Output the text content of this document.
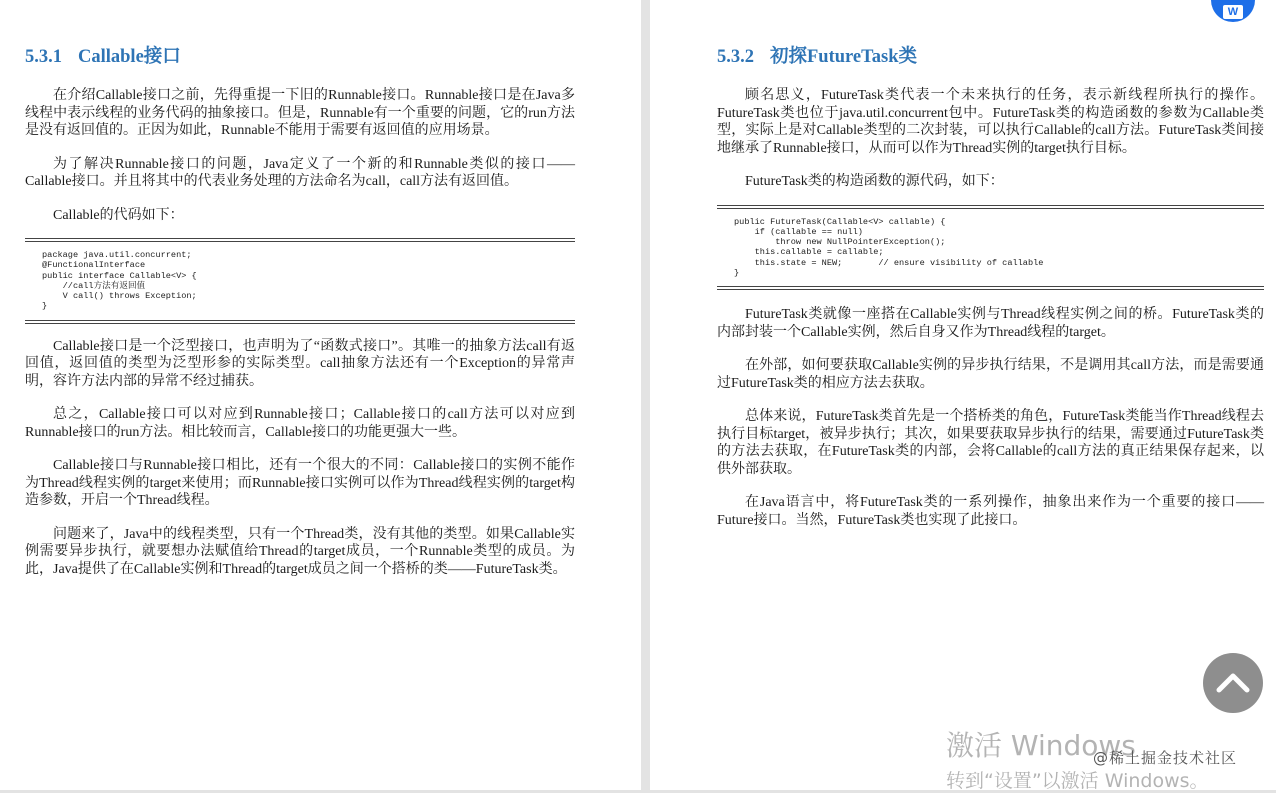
5.3.1 Callable接口

在介绍Callable接口之前，先得重提一下旧的Runnable接口。Runnable接口是在Java多线程中表示线程的业务代码的抽象接口。但是，Runnable有一个重要的问题，它的run方法是没有返回值的。正因为如此，Runnable不能用于需要有返回值的应用场景。

为了解决Runnable接口的问题，Java定义了一个新的和Runnable类似的接口——Callable接口。并且将其中的代表业务处理的方法命名为call，call方法有返回值。

Callable的代码如下：

package java.util.concurrent;
@FunctionalInterface
public interface Callable<V> {
//call方法有返回值
V call() throws Exception;
}

Callable接口是一个泛型接口，也声明为了“函数式接口”。其唯一的抽象方法call有返回值，返回值的类型为泛型形参的实际类型。call抽象方法还有一个Exception的异常声明，容许方法内部的异常不经过捕获。

总之，Callable接口可以对应到Runnable接口；Callable接口的call方法可以对应到Runnable接口的run方法。相比较而言，Callable接口的功能更强大一些。

Callable接口与Runnable接口相比，还有一个很大的不同：Callable接口的实例不能作为Thread线程实例的target来使用；而Runnable接口实例可以作为Thread线程实例的target构造参数，开启一个Thread线程。

问题来了，Java中的线程类型，只有一个Thread类，没有其他的类型。如果Callable实例需要异步执行，就要想办法赋值给Thread的target成员，一个Runnable类型的成员。为此，Java提供了在Callable实例和Thread的target成员之间一个搭桥的类——FutureTask类。

5.3.2 初探FutureTask类

顾名思义，FutureTask类代表一个未来执行的任务，表示新线程所执行的操作。FutureTask类也位于java.util.concurrent包中。FutureTask类的构造函数的参数为Callable类型，实际上是对Callable类型的二次封装，可以执行Callable的call方法。FutureTask类间接地继承了Runnable接口，从而可以作为Thread实例的target执行目标。

FutureTask类的构造函数的源代码，如下：

public FutureTask(Callable<V> callable) {
if (callable == null)
throw new NullPointerException();
this.callable = callable;
this.state = NEW;       // ensure visibility of callable
}

FutureTask类就像一座搭在Callable实例与Thread线程实例之间的桥。FutureTask类的内部封装一个Callable实例，然后自身又作为Thread线程的target。

在外部，如何要获取Callable实例的异步执行结果，不是调用其call方法，而是需要通过FutureTask类的相应方法去获取。

总体来说，FutureTask类首先是一个搭桥类的角色，FutureTask类能当作Thread线程去执行目标target，被异步执行；其次，如果要获取异步执行的结果，需要通过FutureTask类的方法去获取，在FutureTask类的内部，会将Callable的call方法的真正结果保存起来，以供外部获取。

在Java语言中，将FutureTask类的一系列操作，抽象出来作为一个重要的接口——Future接口。当然，FutureTask类也实现了此接口。

W
激活 Windows
@稀土掘金技术社区
转到“设置”以激活 Windows。
